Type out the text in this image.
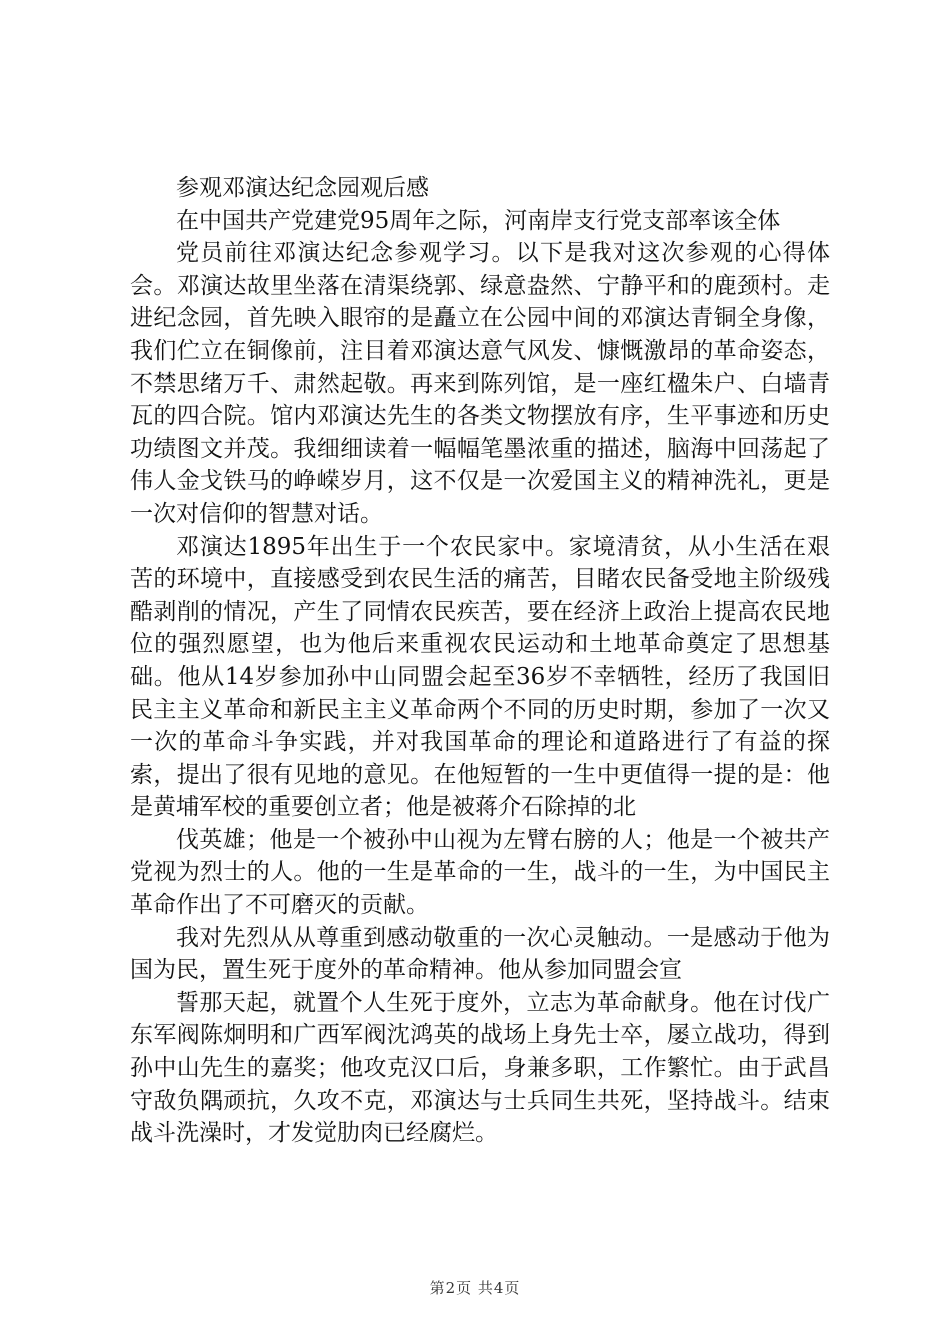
参观邓演达纪念园观后感

在中国共产党建党95周年之际，河南岸支行党支部率该全体

党员前往邓演达纪念参观学习。以下是我对这次参观的心得体会。邓演达故里坐落在清渠绕郭、绿意盎然、宁静平和的鹿颈村。走进纪念园，首先映入眼帘的是矗立在公园中间的邓演达青铜全身像，我们伫立在铜像前，注目着邓演达意气风发、慷慨激昂的革命姿态，不禁思绪万千、肃然起敬。再来到陈列馆，是一座红楹朱户、白墙青瓦的四合院。馆内邓演达先生的各类文物摆放有序，生平事迹和历史功绩图文并茂。我细细读着一幅幅笔墨浓重的描述，脑海中回荡起了伟人金戈铁马的峥嵘岁月，这不仅是一次爱国主义的精神洗礼，更是一次对信仰的智慧对话。

邓演达1895年出生于一个农民家中。家境清贫，从小生活在艰苦的环境中，直接感受到农民生活的痛苦，目睹农民备受地主阶级残酷剥削的情况，产生了同情农民疾苦，要在经济上政治上提高农民地位的强烈愿望，也为他后来重视农民运动和土地革命奠定了思想基础。他从14岁参加孙中山同盟会起至36岁不幸牺牲，经历了我国旧民主主义革命和新民主主义革命两个不同的历史时期，参加了一次又一次的革命斗争实践，并对我国革命的理论和道路进行了有益的探索，提出了很有见地的意见。在他短暂的一生中更值得一提的是：他是黄埔军校的重要创立者；他是被蒋介石除掉的北

伐英雄；他是一个被孙中山视为左臂右膀的人；他是一个被共产党视为烈士的人。他的一生是革命的一生，战斗的一生，为中国民主革命作出了不可磨灭的贡献。

我对先烈从从尊重到感动敬重的一次心灵触动。一是感动于他为国为民，置生死于度外的革命精神。他从参加同盟会宣

誓那天起，就置个人生死于度外，立志为革命献身。他在讨伐广东军阀陈炯明和广西军阀沈鸿英的战场上身先士卒，屡立战功，得到孙中山先生的嘉奖；他攻克汉口后，身兼多职，工作繁忙。由于武昌守敌负隅顽抗，久攻不克，邓演达与士兵同生共死，坚持战斗。结束战斗洗澡时，才发觉肋肉已经腐烂。

第2页 共4页
